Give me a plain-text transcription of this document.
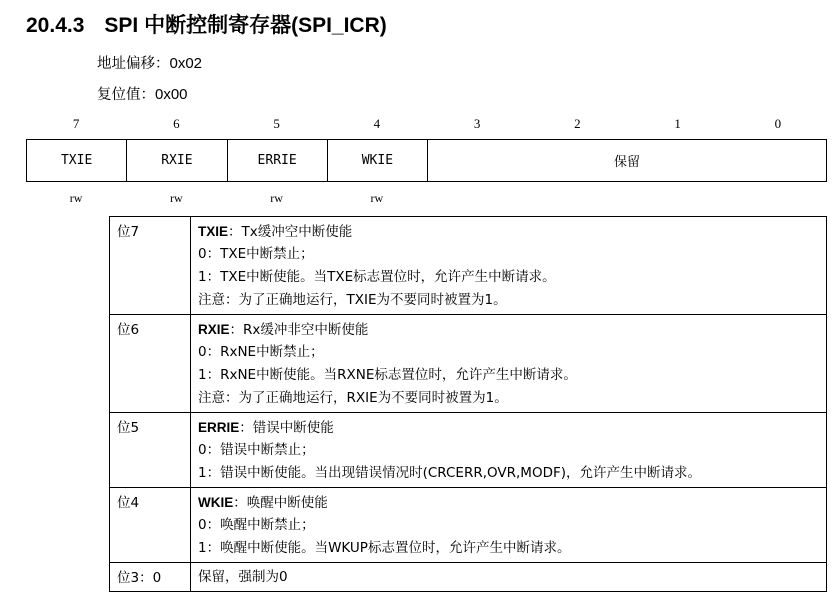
20.4.3 SPI 中断控制寄存器(SPI_ICR)
地址偏移：0x02
复位值：0x00
7	6	5	4	3	2	1	0
TXIE	RXIE	ERRIE	WKIE	保留
rw	rw	rw	rw
位7	TXIE：Tx缓冲空中断使能
0：TXE中断禁止；
1：TXE中断使能。当TXE标志置位时，允许产生中断请求。
注意：为了正确地运行，TXIE为不要同时被置为1。

位6	RXIE：Rx缓冲非空中断使能
0：RxNE中断禁止；
1：RxNE中断使能。当RXNE标志置位时，允许产生中断请求。
注意：为了正确地运行，RXIE为不要同时被置为1。

位5	ERRIE：错误中断使能
0：错误中断禁止；
1：错误中断使能。当出现错误情况时(CRCERR,OVR,MODF)，允许产生中断请求。

位4	WKIE：唤醒中断使能
0：唤醒中断禁止；
1：唤醒中断使能。当WKUP标志置位时，允许产生中断请求。

位3：0	保留，强制为0
